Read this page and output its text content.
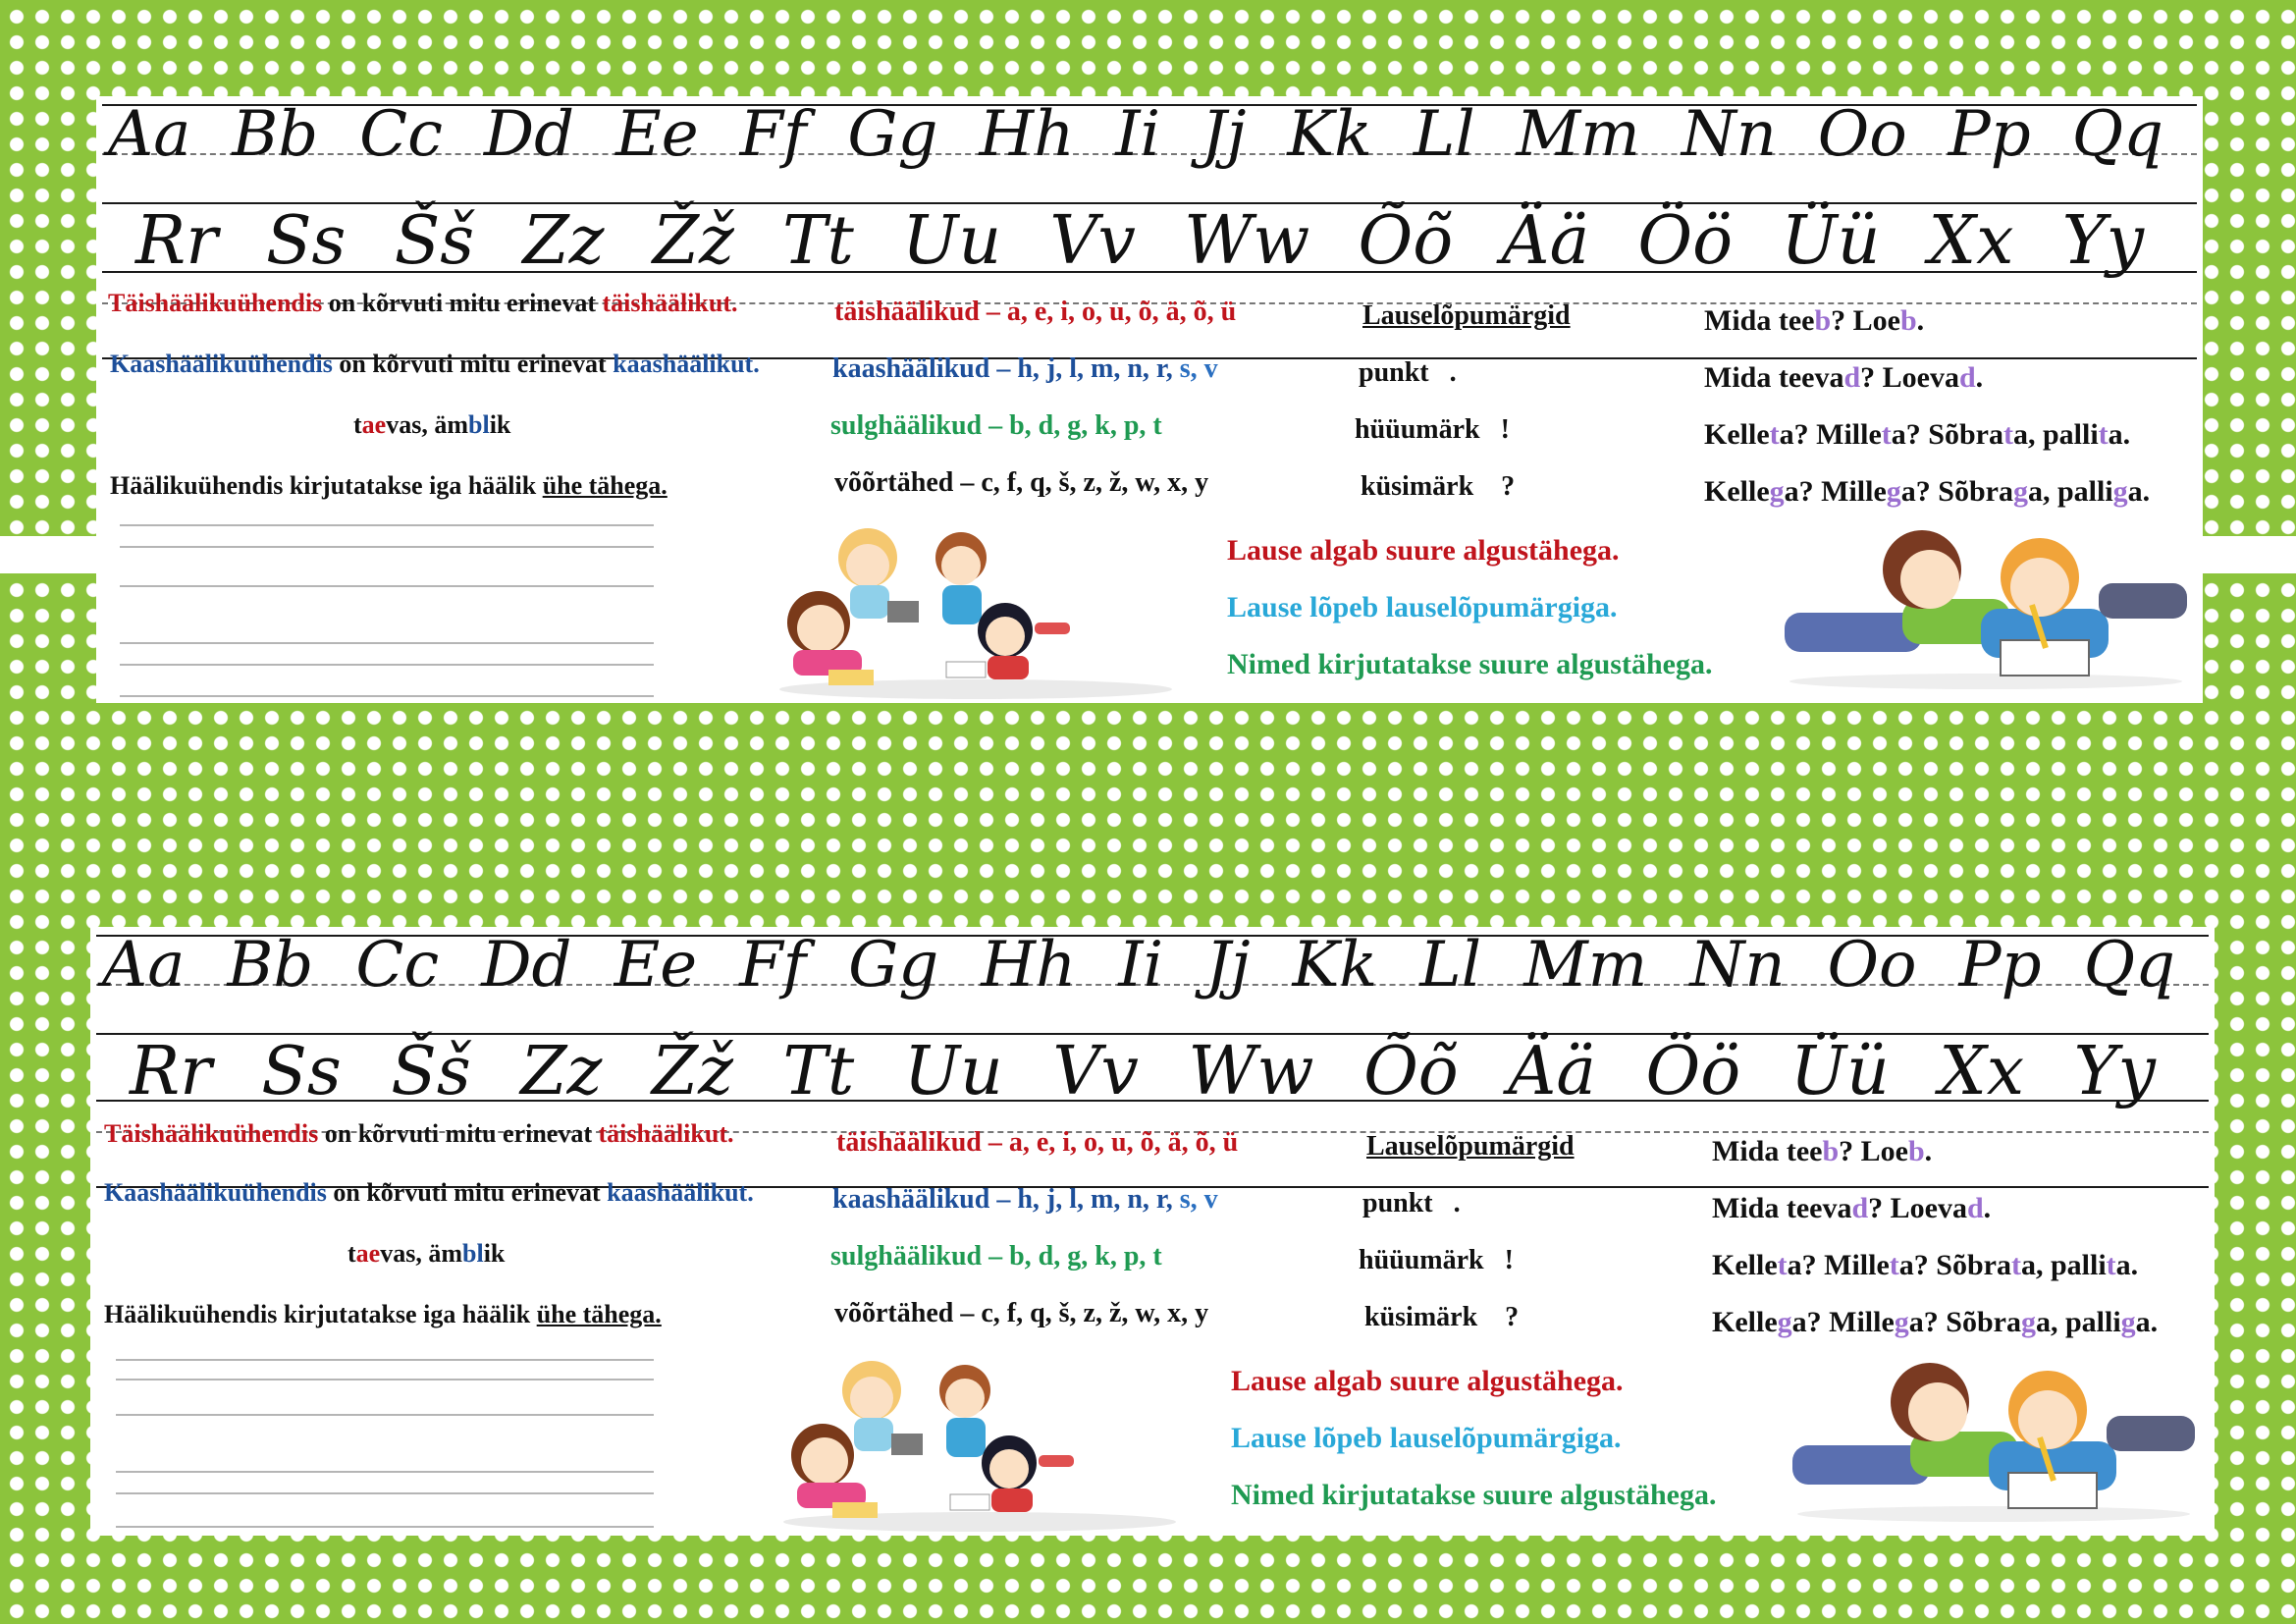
Aa Bb Cc Dd Ee Ff Gg Hh Ii Jj Kk Ll Mm Nn Oo Pp Qq
Rr Ss Šš Zz Žž Tt Uu Vv Ww Õõ Ää Öö Üü Xx Yy
Täishäälikuühendis on kõrvuti mitu erinevat täishäälikut.
Kaashäälikuühendis on kõrvuti mitu erinevat kaashäälikut.
taevas, ämblik
Häälikuühendis kirjutatakse iga häälik ühe tähega.
täishäälikud – a, e, i, o, u, õ, ä, õ, ü
kaashäälikud – h, j, l, m, n, r, s, v
sulghäälikud – b, d, g, k, p, t
võõrtähed – c, f, q, š, z, ž, w, x, y
Lauselõpumärgid
punkt   .
hüüumärk   !
küsimärk    ?
Lause algab suure algustähega.
Lause lõpeb lauselõpumärgiga.
Nimed kirjutatakse suure algustähega.
Mida teeb? Loeb.
Mida teevad? Loevad.
Kelleta? Milleta? Sõbrata, pallita.
Kellega? Millega? Sõbraga, palliga.
Aa Bb Cc Dd Ee Ff Gg Hh Ii Jj Kk Ll Mm Nn Oo Pp Qq
Rr Ss Šš Zz Žž Tt Uu Vv Ww Õõ Ää Öö Üü Xx Yy
Täishäälikuühendis on kõrvuti mitu erinevat täishäälikut.
Kaashäälikuühendis on kõrvuti mitu erinevat kaashäälikut.
taevas, ämblik
Häälikuühendis kirjutatakse iga häälik ühe tähega.
täishäälikud – a, e, i, o, u, õ, ä, õ, ü
kaashäälikud – h, j, l, m, n, r, s, v
sulghäälikud – b, d, g, k, p, t
võõrtähed – c, f, q, š, z, ž, w, x, y
Lauselõpumärgid
punkt   .
hüüumärk   !
küsimärk    ?
Lause algab suure algustähega.
Lause lõpeb lauselõpumärgiga.
Nimed kirjutatakse suure algustähega.
Mida teeb? Loeb.
Mida teevad? Loevad.
Kelleta? Milleta? Sõbrata, pallita.
Kellega? Millega? Sõbraga, palliga.
